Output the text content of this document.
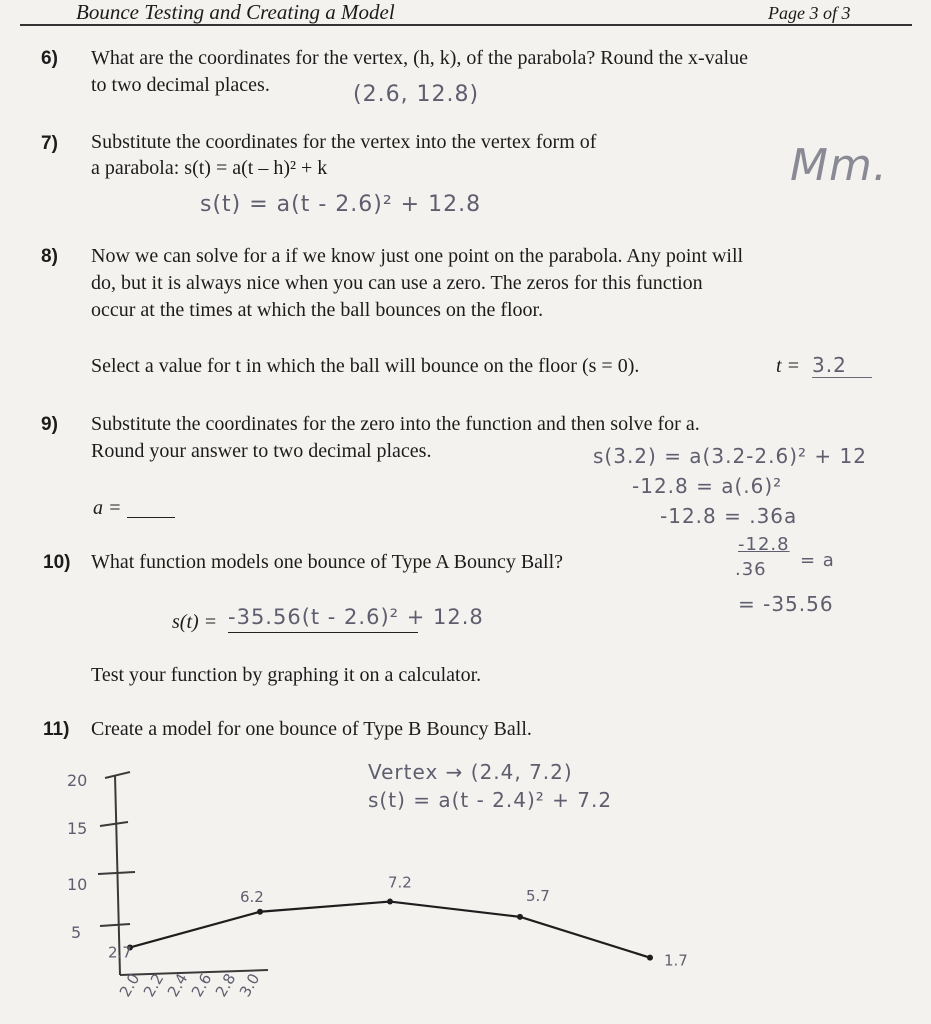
Bounce Testing and Creating a Model	Page 3 of 3
6) What are the coordinates for the vertex, (h, k), of the parabola? Round the x-value
to two decimal places.	(2.6, 12.8)
7) Substitute the coordinates for the vertex into the vertex form of
a parabola: s(t) = a(t – h)² + k
s(t) = a(t - 2.6)² + 12.8
Mm.
8) Now we can solve for a if we know just one point on the parabola. Any point will
do, but it is always nice when you can use a zero. The zeros for this function
occur at the times at which the ball bounces on the floor.
Select a value for t in which the ball will bounce on the floor (s = 0).	t = 3.2
9) Substitute the coordinates for the zero into the function and then solve for a.
Round your answer to two decimal places.
a =
s(3.2) = a(3.2-2.6)² + 12
-12.8 = a(.6)²
-12.8 = .36a
-12.8
.36 = a
= -35.56
10) What function models one bounce of Type A Bouncy Ball?
s(t) = -35.56(t - 2.6)² + 12.8
Test your function by graphing it on a calculator.
11) Create a model for one bounce of Type B Bouncy Ball.
Vertex → (2.4, 7.2)
s(t) = a(t - 2.4)² + 7.2
20
15
10
5
2.7
6.2
7.2
5.7
1.7
2.0
2.2
2.4
2.6
2.8
3.0
